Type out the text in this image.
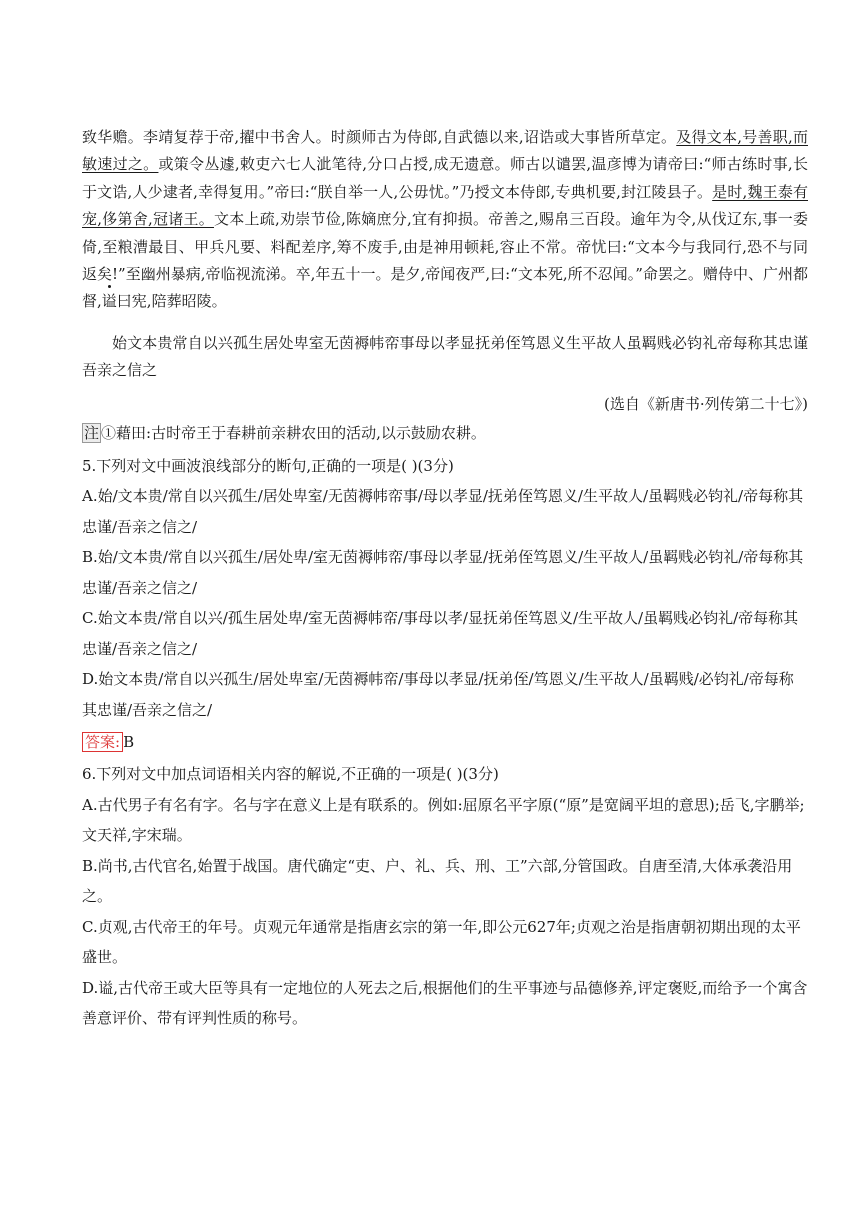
致华赡。李靖复荐于帝,擢中书舍人。时颜师古为侍郎,自武德以来,诏诰或大事皆所草定。及得文本,号善职,而敏速过之。或策令丛遽,敕吏六七人泚笔待,分口占授,成无遗意。师古以谴罢,温彦博为请帝曰:“师古练时事,长于文诰,人少逮者,幸得复用。”帝曰:“朕自举一人,公毋忧。”乃授文本侍郎,专典机要,封江陵县子。是时,魏王泰有宠,侈第舍,冠诸王。文本上疏,劝崇节俭,陈嫡庶分,宜有抑损。帝善之,赐帛三百段。逾年为令,从伐辽东,事一委倚,至粮漕最目、甲兵凡要、料配差序,筹不废手,由是神用顿耗,容止不常。帝忧曰:“文本今与我同行,恐不与同返矣!”至幽州暴病,帝临视流涕。卒,年五十一。是夕,帝闻夜严,曰:“文本死,所不忍闻。”命罢之。赠侍中、广州都督,谥曰宪,陪葬昭陵。

始文本贵常自以兴孤生居处卑室无茵褥帏帟事母以孝显抚弟侄笃恩义生平故人虽羁贱必钧礼帝每称其忠谨吾亲之信之

(选自《新唐书·列传第二十七》)

注 ①藉田:古时帝王于春耕前亲耕农田的活动,以示鼓励农耕。

5.下列对文中画波浪线部分的断句,正确的一项是( )(3分)

A.始/文本贵/常自以兴孤生/居处卑室/无茵褥帏帟事/母以孝显/抚弟侄笃恩义/生平故人/虽羁贱必钧礼/帝每称其忠谨/吾亲之信之/

B.始/文本贵/常自以兴孤生/居处卑/室无茵褥帏帟/事母以孝显/抚弟侄笃恩义/生平故人/虽羁贱必钧礼/帝每称其忠谨/吾亲之信之/

C.始文本贵/常自以兴/孤生居处卑/室无茵褥帏帟/事母以孝/显抚弟侄笃恩义/生平故人/虽羁贱必钧礼/帝每称其忠谨/吾亲之信之/

D.始文本贵/常自以兴孤生/居处卑室/无茵褥帏帟/事母以孝显/抚弟侄/笃恩义/生平故人/虽羁贱/必钧礼/帝每称其忠谨/吾亲之信之/

答案: B

6.下列对文中加点词语相关内容的解说,不正确的一项是( )(3分)

A.古代男子有名有字。名与字在意义上是有联系的。例如:屈原名平字原(“原”是宽阔平坦的意思);岳飞,字鹏举;文天祥,字宋瑞。

B.尚书,古代官名,始置于战国。唐代确定“吏、户、礼、兵、刑、工”六部,分管国政。自唐至清,大体承袭沿用之。

C.贞观,古代帝王的年号。贞观元年通常是指唐玄宗的第一年,即公元627年;贞观之治是指唐朝初期出现的太平盛世。

D.谥,古代帝王或大臣等具有一定地位的人死去之后,根据他们的生平事迹与品德修养,评定褒贬,而给予一个寓含善意评价、带有评判性质的称号。
